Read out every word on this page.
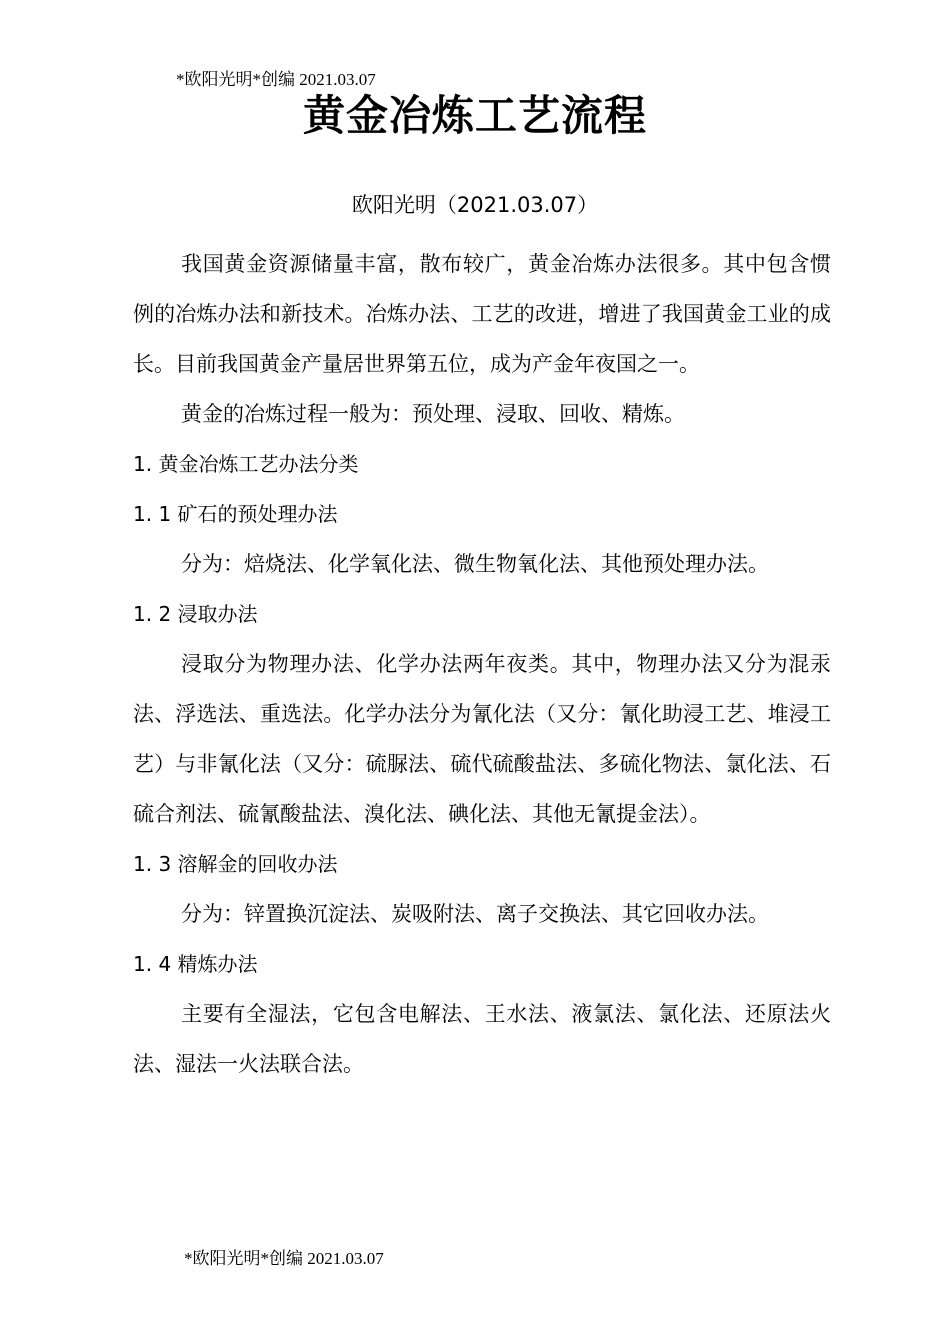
*欧阳光明*创编 2021.03.07
黄金冶炼工艺流程
欧阳光明（2021.03.07）

我国黄金资源储量丰富，散布较广，黄金冶炼办法很多。其中包含惯例的冶炼办法和新技术。冶炼办法、工艺的改进，增进了我国黄金工业的成长。目前我国黄金产量居世界第五位，成为产金年夜国之一。

黄金的冶炼过程一般为：预处理、浸取、回收、精炼。

1. 黄金冶炼工艺办法分类

1. 1 矿石的预处理办法

分为：焙烧法、化学氧化法、微生物氧化法、其他预处理办法。

1. 2 浸取办法

浸取分为物理办法、化学办法两年夜类。其中，物理办法又分为混汞法、浮选法、重选法。化学办法分为氰化法（又分：氰化助浸工艺、堆浸工艺）与非氰化法（又分：硫脲法、硫代硫酸盐法、多硫化物法、氯化法、石硫合剂法、硫氰酸盐法、溴化法、碘化法、其他无氰提金法）。

1. 3 溶解金的回收办法

分为：锌置换沉淀法、炭吸附法、离子交换法、其它回收办法。

1. 4 精炼办法

主要有全湿法，它包含电解法、王水法、液氯法、氯化法、还原法火法、湿法一火法联合法。

*欧阳光明*创编 2021.03.07
